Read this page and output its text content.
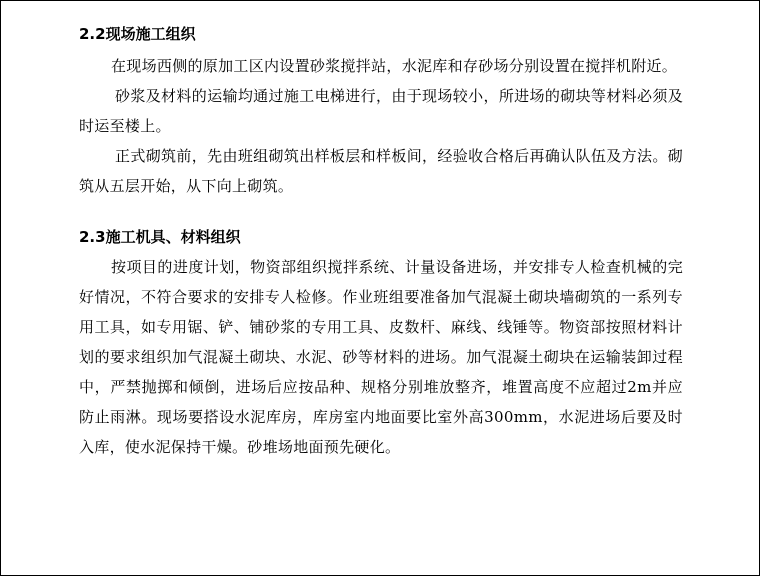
2.2现场施工组织

在现场西侧的原加工区内设置砂浆搅拌站，水泥库和存砂场分别设置在搅拌机附近。

砂浆及材料的运输均通过施工电梯进行，由于现场较小，所进场的砌块等材料必须及时运至楼上。

正式砌筑前，先由班组砌筑出样板层和样板间，经验收合格后再确认队伍及方法。砌筑从五层开始，从下向上砌筑。

2.3施工机具、材料组织

按项目的进度计划，物资部组织搅拌系统、计量设备进场，并安排专人检查机械的完好情况，不符合要求的安排专人检修。作业班组要准备加气混凝土砌块墙砌筑的一系列专用工具，如专用锯、铲、铺砂浆的专用工具、皮数杆、麻线、线锤等。物资部按照材料计划的要求组织加气混凝土砌块、水泥、砂等材料的进场。加气混凝土砌块在运输装卸过程中，严禁抛掷和倾倒，进场后应按品种、规格分别堆放整齐，堆置高度不应超过2m并应防止雨淋。现场要搭设水泥库房，库房室内地面要比室外高300mm，水泥进场后要及时入库，使水泥保持干燥。砂堆场地面预先硬化。
